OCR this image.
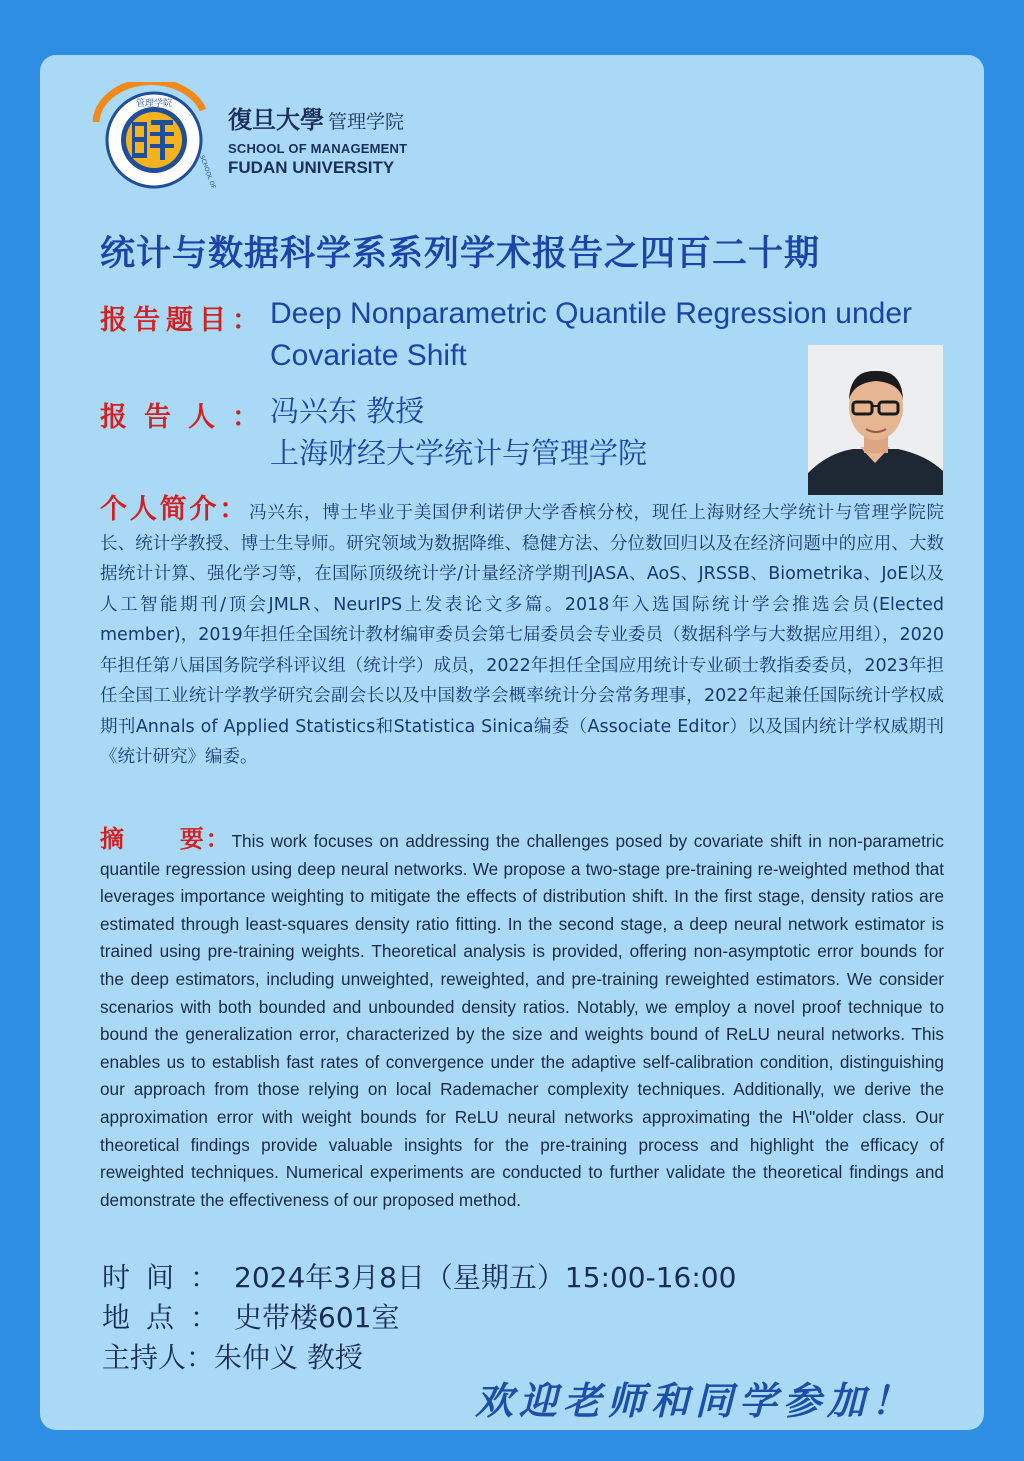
管理学院
SCHOOL OF
復旦大學 管理学院
SCHOOL OF MANAGEMENT
FUDAN UNIVERSITY
统计与数据科学系系列学术报告之四百二十期
报告题目： Deep Nonparametric Quantile Regression under Covariate Shift
报告人：
冯兴东 教授
上海财经大学统计与管理学院
个人简介：冯兴东，博士毕业于美国伊利诺伊大学香槟分校，现任上海财经大学统计与管理学院院长、统计学教授、博士生导师。研究领域为数据降维、稳健方法、分位数回归以及在经济问题中的应用、大数据统计计算、强化学习等，在国际顶级统计学/计量经济学期刊JASA、AoS、JRSSB、Biometrika、JoE以及人工智能期刊/顶会JMLR、NeurIPS上发表论文多篇。2018年入选国际统计学会推选会员(Elected member)，2019年担任全国统计教材编审委员会第七届委员会专业委员（数据科学与大数据应用组），2020年担任第八届国务院学科评议组（统计学）成员，2022年担任全国应用统计专业硕士教指委委员，2023年担任全国工业统计学教学研究会副会长以及中国数学会概率统计分会常务理事，2022年起兼任国际统计学权威期刊Annals of Applied Statistics和Statistica Sinica编委（Associate Editor）以及国内统计学权威期刊《统计研究》编委。
摘 要：This work focuses on addressing the challenges posed by covariate shift in non-parametric quantile regression using deep neural networks. We propose a two-stage pre-training re-weighted method that leverages importance weighting to mitigate the effects of distribution shift. In the first stage, density ratios are estimated through least-squares density ratio fitting. In the second stage, a deep neural network estimator is trained using pre-training weights. Theoretical analysis is provided, offering non-asymptotic error bounds for the deep estimators, including unweighted, reweighted, and pre-training reweighted estimators. We consider scenarios with both bounded and unbounded density ratios. Notably, we employ a novel proof technique to bound the generalization error, characterized by the size and weights bound of ReLU neural networks. This enables us to establish fast rates of convergence under the adaptive self-calibration condition, distinguishing our approach from those relying on local Rademacher complexity techniques. Additionally, we derive the approximation error with weight bounds for ReLU neural networks approximating the H\"older class. Our theoretical findings provide valuable insights for the pre-training process and highlight the efficacy of reweighted techniques. Numerical experiments are conducted to further validate the theoretical findings and demonstrate the effectiveness of our proposed method.
时间：2024年3月8日（星期五）15:00-16:00
地点：史带楼601室
主持人：朱仲义 教授
欢迎老师和同学参加！
